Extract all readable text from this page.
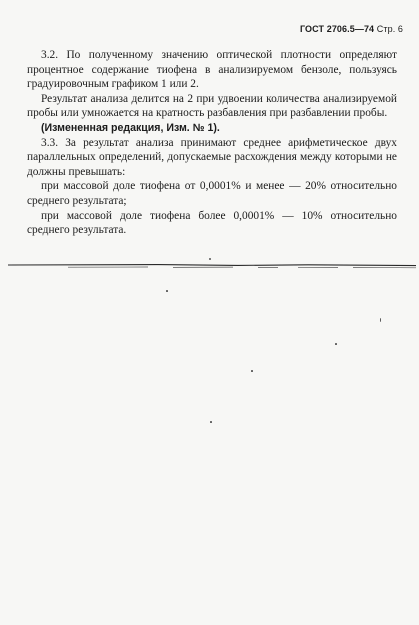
ГОСТ 2706.5—74 Стр. 6

3.2. По полученному значению оптической плотности определяют процентное содержание тиофена в анализируемом бензоле, пользуясь градуировочным графиком 1 или 2.

Результат анализа делится на 2 при удвоении количества анализируемой пробы или умножается на кратность разбавления при разбавлении пробы.

(Измененная редакция, Изм. № 1).

3.3. За результат анализа принимают среднее арифметическое двух параллельных определений, допускаемые расхождения между которыми не должны превышать:

при массовой доле тиофена от 0,0001% и менее — 20% относительно среднего результата;

при массовой доле тиофена более 0,0001% — 10% относительно среднего результата.
